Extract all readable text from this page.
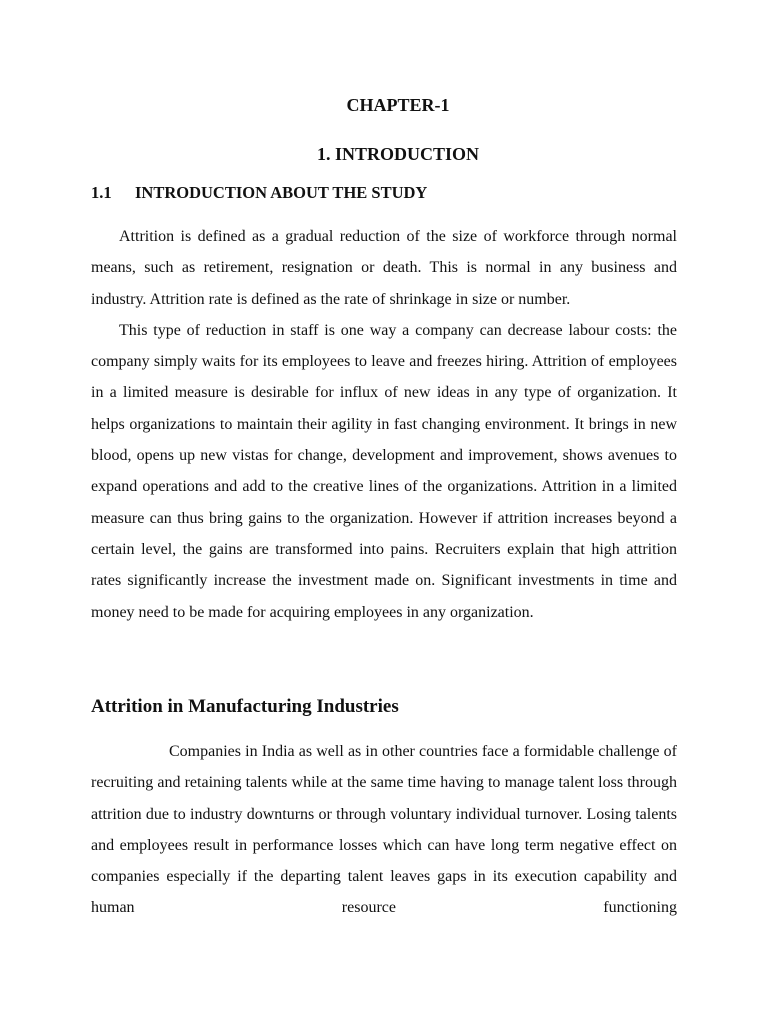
CHAPTER-1
1. INTRODUCTION
1.1 INTRODUCTION ABOUT THE STUDY

Attrition is defined as a gradual reduction of the size of workforce through normal means, such as retirement, resignation or death. This is normal in any business and industry. Attrition rate is defined as the rate of shrinkage in size or number.

This type of reduction in staff is one way a company can decrease labour costs: the company simply waits for its employees to leave and freezes hiring. Attrition of employees in a limited measure is desirable for influx of new ideas in any type of organization. It helps organizations to maintain their agility in fast changing environment. It brings in new blood, opens up new vistas for change, development and improvement, shows avenues to expand operations and add to the creative lines of the organizations. Attrition in a limited measure can thus bring gains to the organization. However if attrition increases beyond a certain level, the gains are transformed into pains. Recruiters explain that high attrition rates significantly increase the investment made on. Significant investments in time and money need to be made for acquiring employees in any organization.

Attrition in Manufacturing Industries

Companies in India as well as in other countries face a formidable challenge of recruiting and retaining talents while at the same time having to manage talent loss through attrition due to industry downturns or through voluntary individual turnover. Losing talents and employees result in performance losses which can have long term negative effect on companies especially if the departing talent leaves gaps in its execution capability and human resource functioning
